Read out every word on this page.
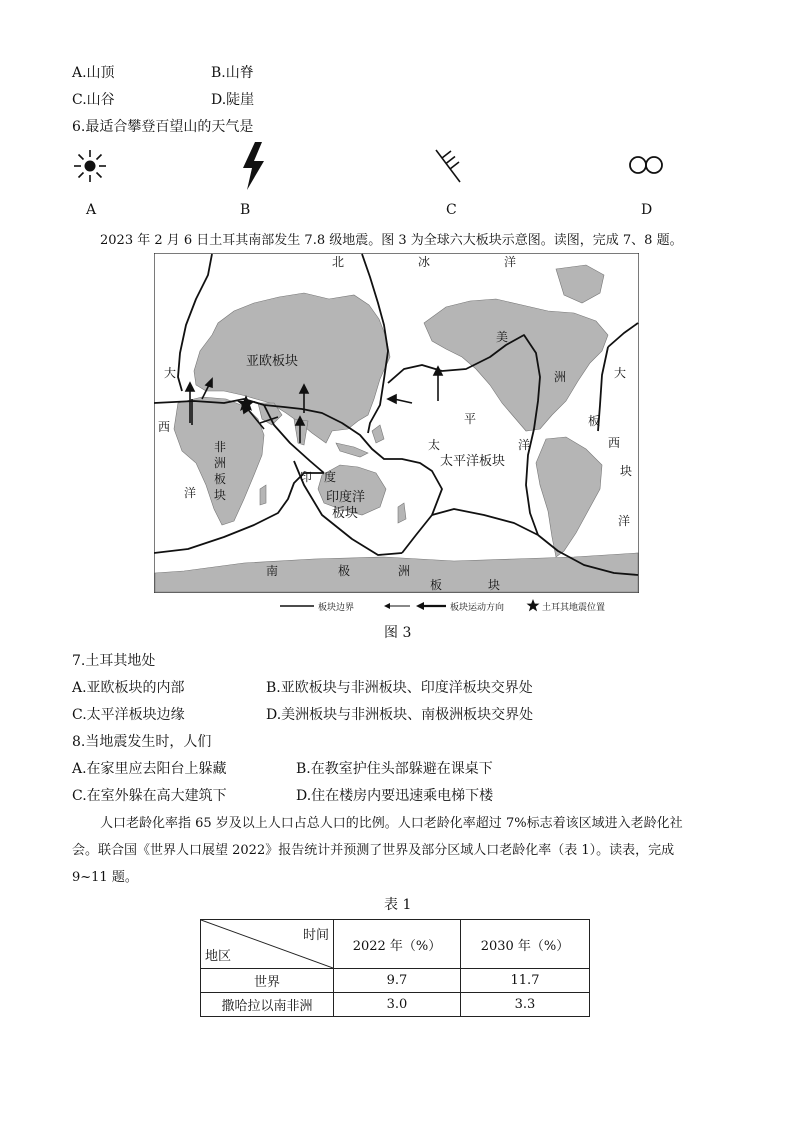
A.山顶	B.山脊
C.山谷	D.陡崖
6.最适合攀登百望山的天气是
A	B	C	D
2023 年 2 月 6 日土耳其南部发生 7.8 级地震。图 3 为全球六大板块示意图。读图，完成 7、8 题。
北	冰	洋
亚欧板块
美
洲
板
块
大
西
洋
大
西
洋
非
洲
板
块
太
平
洋
太平洋板块
印度洋
板块
印 度
南	极	洲
板	块
板块边界	板块运动方向	土耳其地震位置
图 3
7.土耳其地处
A.亚欧板块的内部	B.亚欧板块与非洲板块、印度洋板块交界处
C.太平洋板块边缘	D.美洲板块与非洲板块、南极洲板块交界处
8.当地震发生时，人们
A.在家里应去阳台上躲藏	B.在教室护住头部躲避在课桌下
C.在室外躲在高大建筑下	D.住在楼房内要迅速乘电梯下楼
人口老龄化率指 65 岁及以上人口占总人口的比例。人口老龄化率超过 7%标志着该区域进入老龄化社
会。联合国《世界人口展望 2022》报告统计并预测了世界及部分区域人口老龄化率（表 1）。读表，完成
9~11 题。
表 1
时间
地区	2022 年（%）	2030 年（%）
世界	9.7	11.7
撒哈拉以南非洲	3.0	3.3
